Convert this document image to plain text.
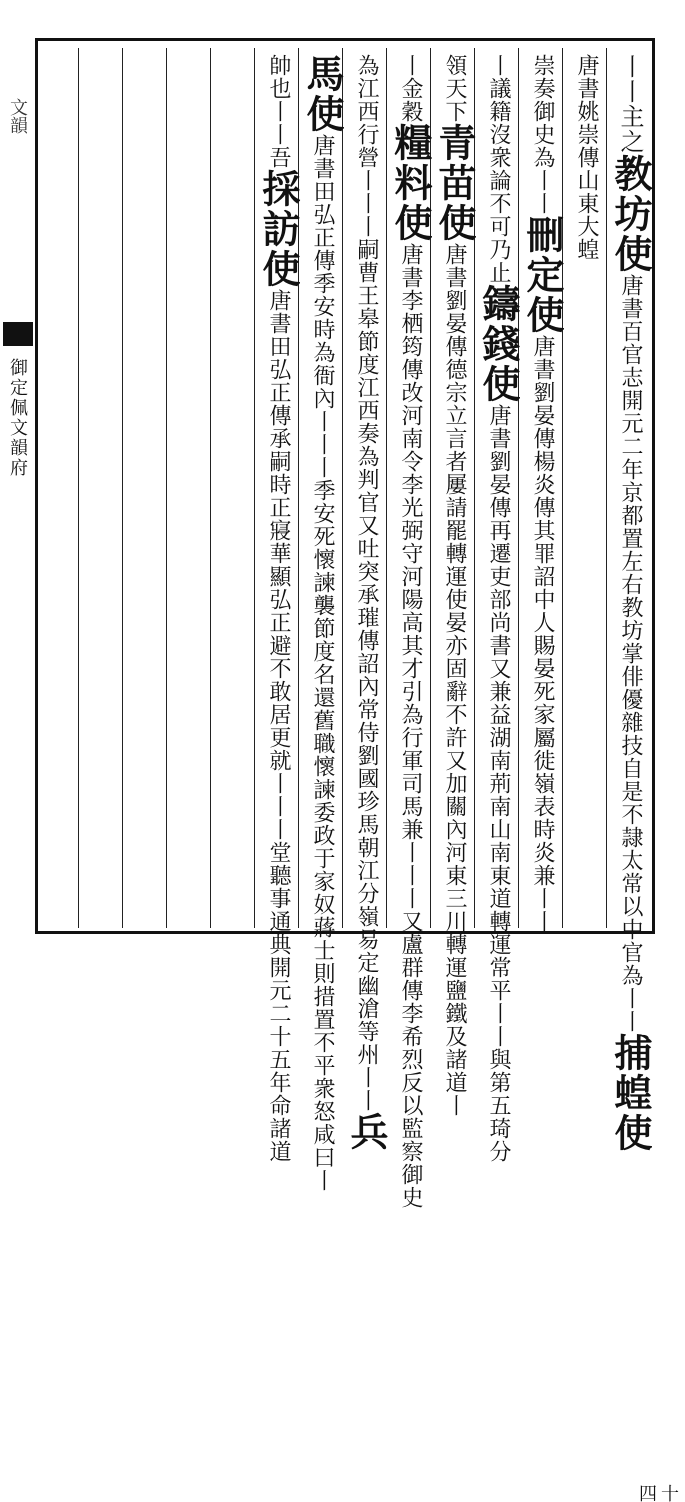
文韻
御定佩文韻府
十四
丨丨主之教坊使唐書百官志開元二年京都置左右教坊掌俳優雜技自是不隷太常以中官為丨丨捕蝗使
唐書姚崇傳山東大蝗
崇奏御史為丨丨刪定使唐書劉晏傳楊炎傳其罪詔中人賜晏死家屬徙嶺表時炎兼丨丨
丨議籍沒衆論不可乃止鑄錢使唐書劉晏傳再遷吏部尚書又兼益湖南荊南山南東道轉運常平丨丨與第五琦分
領天下青苗使唐書劉晏傳德宗立言者屢請罷轉運使晏亦固辭不許又加關內河東三川轉運鹽鐵及諸道丨
丨金穀糧料使唐書李栖筠傳改河南令李光弼守河陽高其才引為行軍司馬兼丨丨丨又盧群傳李希烈反以監察御史
為江西行營丨丨丨嗣曹王皋節度江西奏為判官又吐突承璀傳詔內常侍劉國珍馬朝江分嶺易定幽滄等州丨丨兵
馬使唐書田弘正傳季安時為衙內丨丨丨季安死懷諫襲節度名還舊職懷諫委政于家奴蔣士則措置不平衆怒咸曰丨
帥也丨丨吾採訪使唐書田弘正傳承嗣時正寢華顯弘正避不敢居更就丨丨丨堂聽事通典開元二十五年命諸道
